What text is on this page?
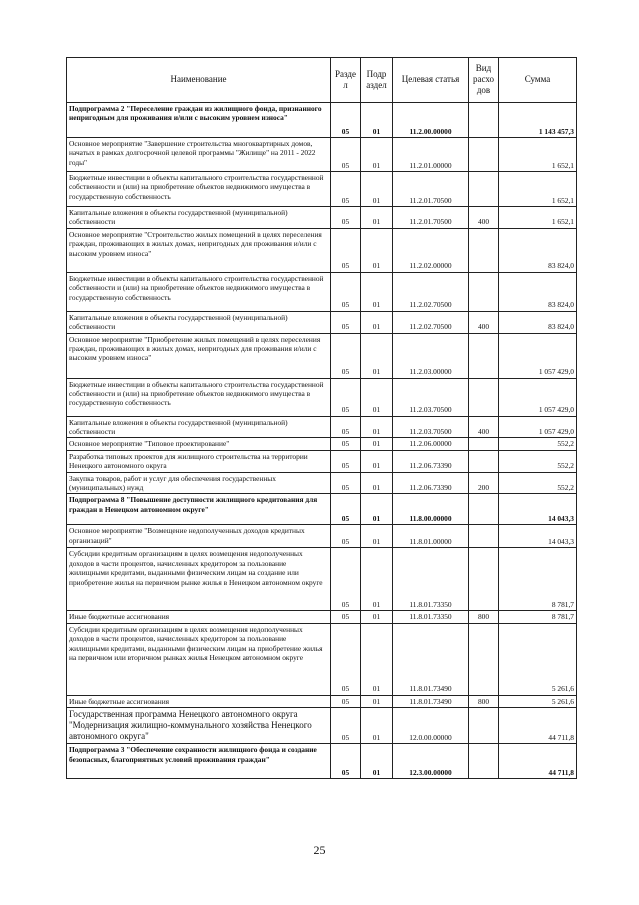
Наименование	Разде л	Подр аздел	Целевая статья	Вид расхо дов	Сумма
Подпрограмма 2 "Переселение граждан из жилищного фонда, признанного непригодным для проживания и/или с высоким уровнем износа"	05	01	11.2.00.00000		1 143 457,3
Основное мероприятие "Завершение строительства многоквартирных домов, начатых в рамках долгосрочной целевой программы "Жилище" на 2011 - 2022 годы"	05	01	11.2.01.00000		1 652,1
Бюджетные инвестиции в объекты капитального строительства государственной собственности и (или) на приобретение объектов недвижимого имущества в государственную собственность	05	01	11.2.01.70500		1 652,1
Капитальные вложения в объекты государственной (муниципальной) собственности	05	01	11.2.01.70500	400	1 652,1
Основное мероприятие "Строительство жилых помещений в целях переселения граждан, проживающих в жилых домах, непригодных для проживания и/или с высоким уровнем износа"	05	01	11.2.02.00000		83 824,0
Бюджетные инвестиции в объекты капитального строительства государственной собственности и (или) на приобретение объектов недвижимого имущества в государственную собственность	05	01	11.2.02.70500		83 824,0
Капитальные вложения в объекты государственной (муниципальной) собственности	05	01	11.2.02.70500	400	83 824,0
Основное мероприятие "Приобретение жилых помещений в целях переселения граждан, проживающих в жилых домах, непригодных для проживания и/или с высоким уровнем износа"	05	01	11.2.03.00000		1 057 429,0
Бюджетные инвестиции в объекты капитального строительства государственной собственности и (или) на приобретение объектов недвижимого имущества в государственную собственность	05	01	11.2.03.70500		1 057 429,0
Капитальные вложения в объекты государственной (муниципальной) собственности	05	01	11.2.03.70500	400	1 057 429,0
Основное мероприятие "Типовое проектирование"	05	01	11.2.06.00000		552,2
Разработка типовых проектов для жилищного строительства на территории Ненецкого автономного округа	05	01	11.2.06.73390		552,2
Закупка товаров, работ и услуг для обеспечения государственных (муниципальных) нужд	05	01	11.2.06.73390	200	552,2
Подпрограмма 8 "Повышение доступности жилищного кредитования для граждан в Ненецком автономном округе"	05	01	11.8.00.00000		14 043,3
Основное мероприятие "Возмещение недополученных доходов кредитных организаций"	05	01	11.8.01.00000		14 043,3
Субсидии кредитным организациям в целях возмещения недополученных доходов в части процентов, начисленных кредитором за пользование жилищными кредитами, выданными физическим лицам на создание или приобретение жилья на первичном рынке жилья в Ненецком автономном округе	05	01	11.8.01.73350		8 781,7
Иные бюджетные ассигнования	05	01	11.8.01.73350	800	8 781,7
Субсидии кредитным организациям в целях возмещения недополученных доходов в части процентов, начисленных кредитором за пользование жилищными кредитами, выданными физическим лицам на приобретение жилья на первичном или вторичном рынках жилья Ненецком автономном округе	05	01	11.8.01.73490		5 261,6
Иные бюджетные ассигнования	05	01	11.8.01.73490	800	5 261,6
Государственная программа Ненецкого автономного округа "Модернизация жилищно-коммунального хозяйства Ненецкого автономного округа"	05	01	12.0.00.00000		44 711,8
Подпрограмма 3 "Обеспечение сохранности жилищного фонда и создание безопасных, благоприятных условий проживания граждан"	05	01	12.3.00.00000		44 711,8
25
